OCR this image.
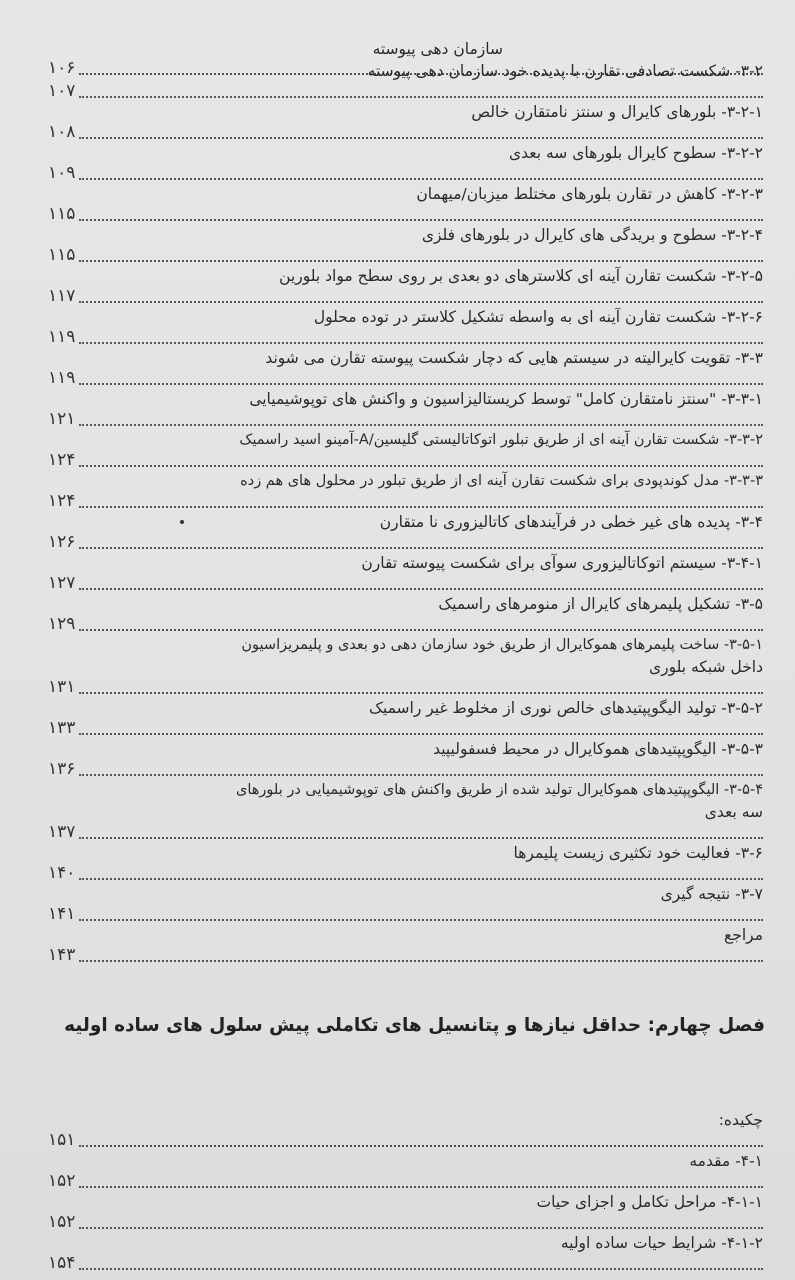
۱۰۶
سازمان دهی پیوسته
۳-۲- شکست تصادفی تقارن با پدیده خود سازمان دهی پیوسته
۱۰۷
۳-۲-۱- بلورهای کایرال و سنتز نامتقارن خالص
۱۰۸
۳-۲-۲- سطوح کایرال بلورهای سه بعدی
۱۰۹
۳-۲-۳- کاهش در تقارن بلورهای مختلط میزبان/میهمان
۱۱۵
۳-۲-۴- سطوح و بریدگی های کایرال در بلورهای فلزی
۱۱۵
۳-۲-۵- شکست تقارن آینه ای کلاسترهای دو بعدی بر روی سطح مواد بلورین
۱۱۷
۳-۲-۶- شکست تقارن آینه ای به واسطه تشکیل کلاستر در توده محلول
۱۱۹
۳-۳- تقویت کایرالیته در سیستم هایی که دچار شکست پیوسته تقارن می شوند
۱۱۹
۳-۳-۱- "سنتز نامتقارن کامل" توسط کریستالیزاسیون و واکنش های توپوشیمیایی
۱۲۱
۳-۳-۲- شکست تقارن آینه ای از طریق تبلور اتوکاتالیستی گلیسین/A-آمینو اسید راسمیک
۱۲۴
۳-۳-۳- مدل کوندپودی برای شکست تقارن آینه ای از طریق تبلور در محلول های هم زده
۱۲۴
۳-۴- پدیده های غیر خطی در فرآیندهای کاتالیزوری نا متقارن
۱۲۶
۳-۴-۱- سیستم اتوکاتالیزوری سوآی برای شکست پیوسته تقارن
۱۲۷
۳-۵- تشکیل پلیمرهای کایرال از منومرهای راسمیک
۱۲۹
۳-۵-۱- ساخت پلیمرهای هموکایرال از طریق خود سازمان دهی دو بعدی و پلیمریزاسیون
داخل شبکه بلوری
۱۳۱
۳-۵-۲- تولید الیگوپپتیدهای خالص نوری از مخلوط غیر راسمیک
۱۳۳
۳-۵-۳- الیگوپپتیدهای هموکایرال در محیط فسفولیپید
۱۳۶
۳-۵-۴- الیگوپپتیدهای هموکایرال تولید شده از طریق واکنش های توپوشیمیایی در بلورهای
سه بعدی
۱۳۷
۳-۶- فعالیت خود تکثیری زیست پلیمرها
۱۴۰
۳-۷- نتیجه گیری
۱۴۱
مراجع
۱۴۳
فصل چهارم: حداقل نیازها و پتانسیل های تکاملی پیش سلول های ساده اولیه
چکیده:
۱۵۱
۴-۱- مقدمه
۱۵۲
۴-۱-۱- مراحل تکامل و اجزای حیات
۱۵۲
۴-۱-۲- شرایط حیات ساده اولیه
۱۵۴
